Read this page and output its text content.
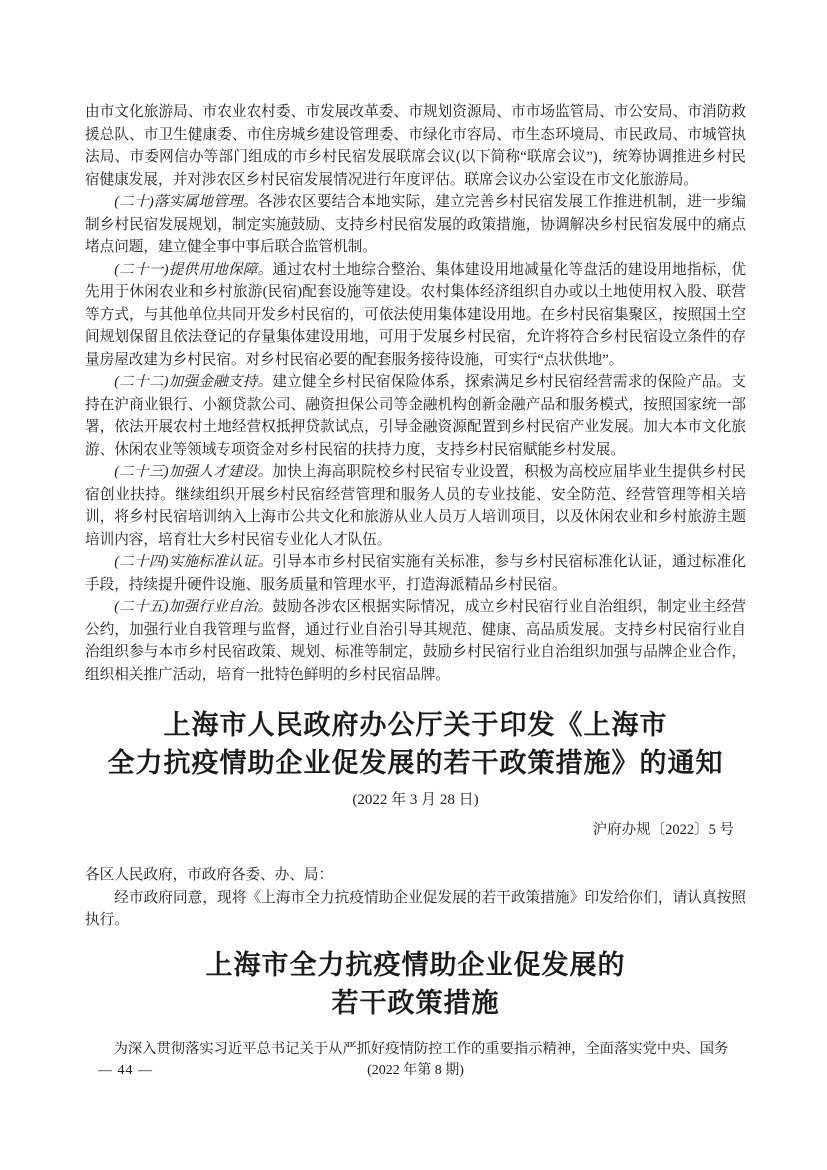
由市文化旅游局、市农业农村委、市发展改革委、市规划资源局、市市场监管局、市公安局、市消防救援总队、市卫生健康委、市住房城乡建设管理委、市绿化市容局、市生态环境局、市民政局、市城管执法局、市委网信办等部门组成的市乡村民宿发展联席会议(以下简称“联席会议”)，统筹协调推进乡村民宿健康发展，并对涉农区乡村民宿发展情况进行年度评估。联席会议办公室设在市文化旅游局。

(二十)落实属地管理。各涉农区要结合本地实际，建立完善乡村民宿发展工作推进机制，进一步编制乡村民宿发展规划，制定实施鼓励、支持乡村民宿发展的政策措施，协调解决乡村民宿发展中的痛点堵点问题，建立健全事中事后联合监管机制。

(二十一)提供用地保障。通过农村土地综合整治、集体建设用地减量化等盘活的建设用地指标，优先用于休闲农业和乡村旅游(民宿)配套设施等建设。农村集体经济组织自办或以土地使用权入股、联营等方式，与其他单位共同开发乡村民宿的，可依法使用集体建设用地。在乡村民宿集聚区，按照国土空间规划保留且依法登记的存量集体建设用地，可用于发展乡村民宿，允许将符合乡村民宿设立条件的存量房屋改建为乡村民宿。对乡村民宿必要的配套服务接待设施，可实行“点状供地”。

(二十二)加强金融支持。建立健全乡村民宿保险体系，探索满足乡村民宿经营需求的保险产品。支持在沪商业银行、小额贷款公司、融资担保公司等金融机构创新金融产品和服务模式，按照国家统一部署，依法开展农村土地经营权抵押贷款试点，引导金融资源配置到乡村民宿产业发展。加大本市文化旅游、休闲农业等领域专项资金对乡村民宿的扶持力度，支持乡村民宿赋能乡村发展。

(二十三)加强人才建设。加快上海高职院校乡村民宿专业设置，积极为高校应届毕业生提供乡村民宿创业扶持。继续组织开展乡村民宿经营管理和服务人员的专业技能、安全防范、经营管理等相关培训，将乡村民宿培训纳入上海市公共文化和旅游从业人员万人培训项目，以及休闲农业和乡村旅游主题培训内容，培育壮大乡村民宿专业化人才队伍。

(二十四)实施标准认证。引导本市乡村民宿实施有关标准，参与乡村民宿标准化认证，通过标准化手段，持续提升硬件设施、服务质量和管理水平，打造海派精品乡村民宿。

(二十五)加强行业自治。鼓励各涉农区根据实际情况，成立乡村民宿行业自治组织，制定业主经营公约，加强行业自我管理与监督，通过行业自治引导其规范、健康、高品质发展。支持乡村民宿行业自治组织参与本市乡村民宿政策、规划、标准等制定，鼓励乡村民宿行业自治组织加强与品牌企业合作，组织相关推广活动，培育一批特色鲜明的乡村民宿品牌。

上海市人民政府办公厅关于印发《上海市
全力抗疫情助企业促发展的若干政策措施》的通知

(2022 年 3 月 28 日)

沪府办规〔2022〕5 号

各区人民政府，市政府各委、办、局：

经市政府同意，现将《上海市全力抗疫情助企业促发展的若干政策措施》印发给你们，请认真按照执行。

上海市全力抗疫情助企业促发展的
若干政策措施

为深入贯彻落实习近平总书记关于从严抓好疫情防控工作的重要指示精神，全面落实党中央、国务

— 44 —	(2022 年第 8 期)
